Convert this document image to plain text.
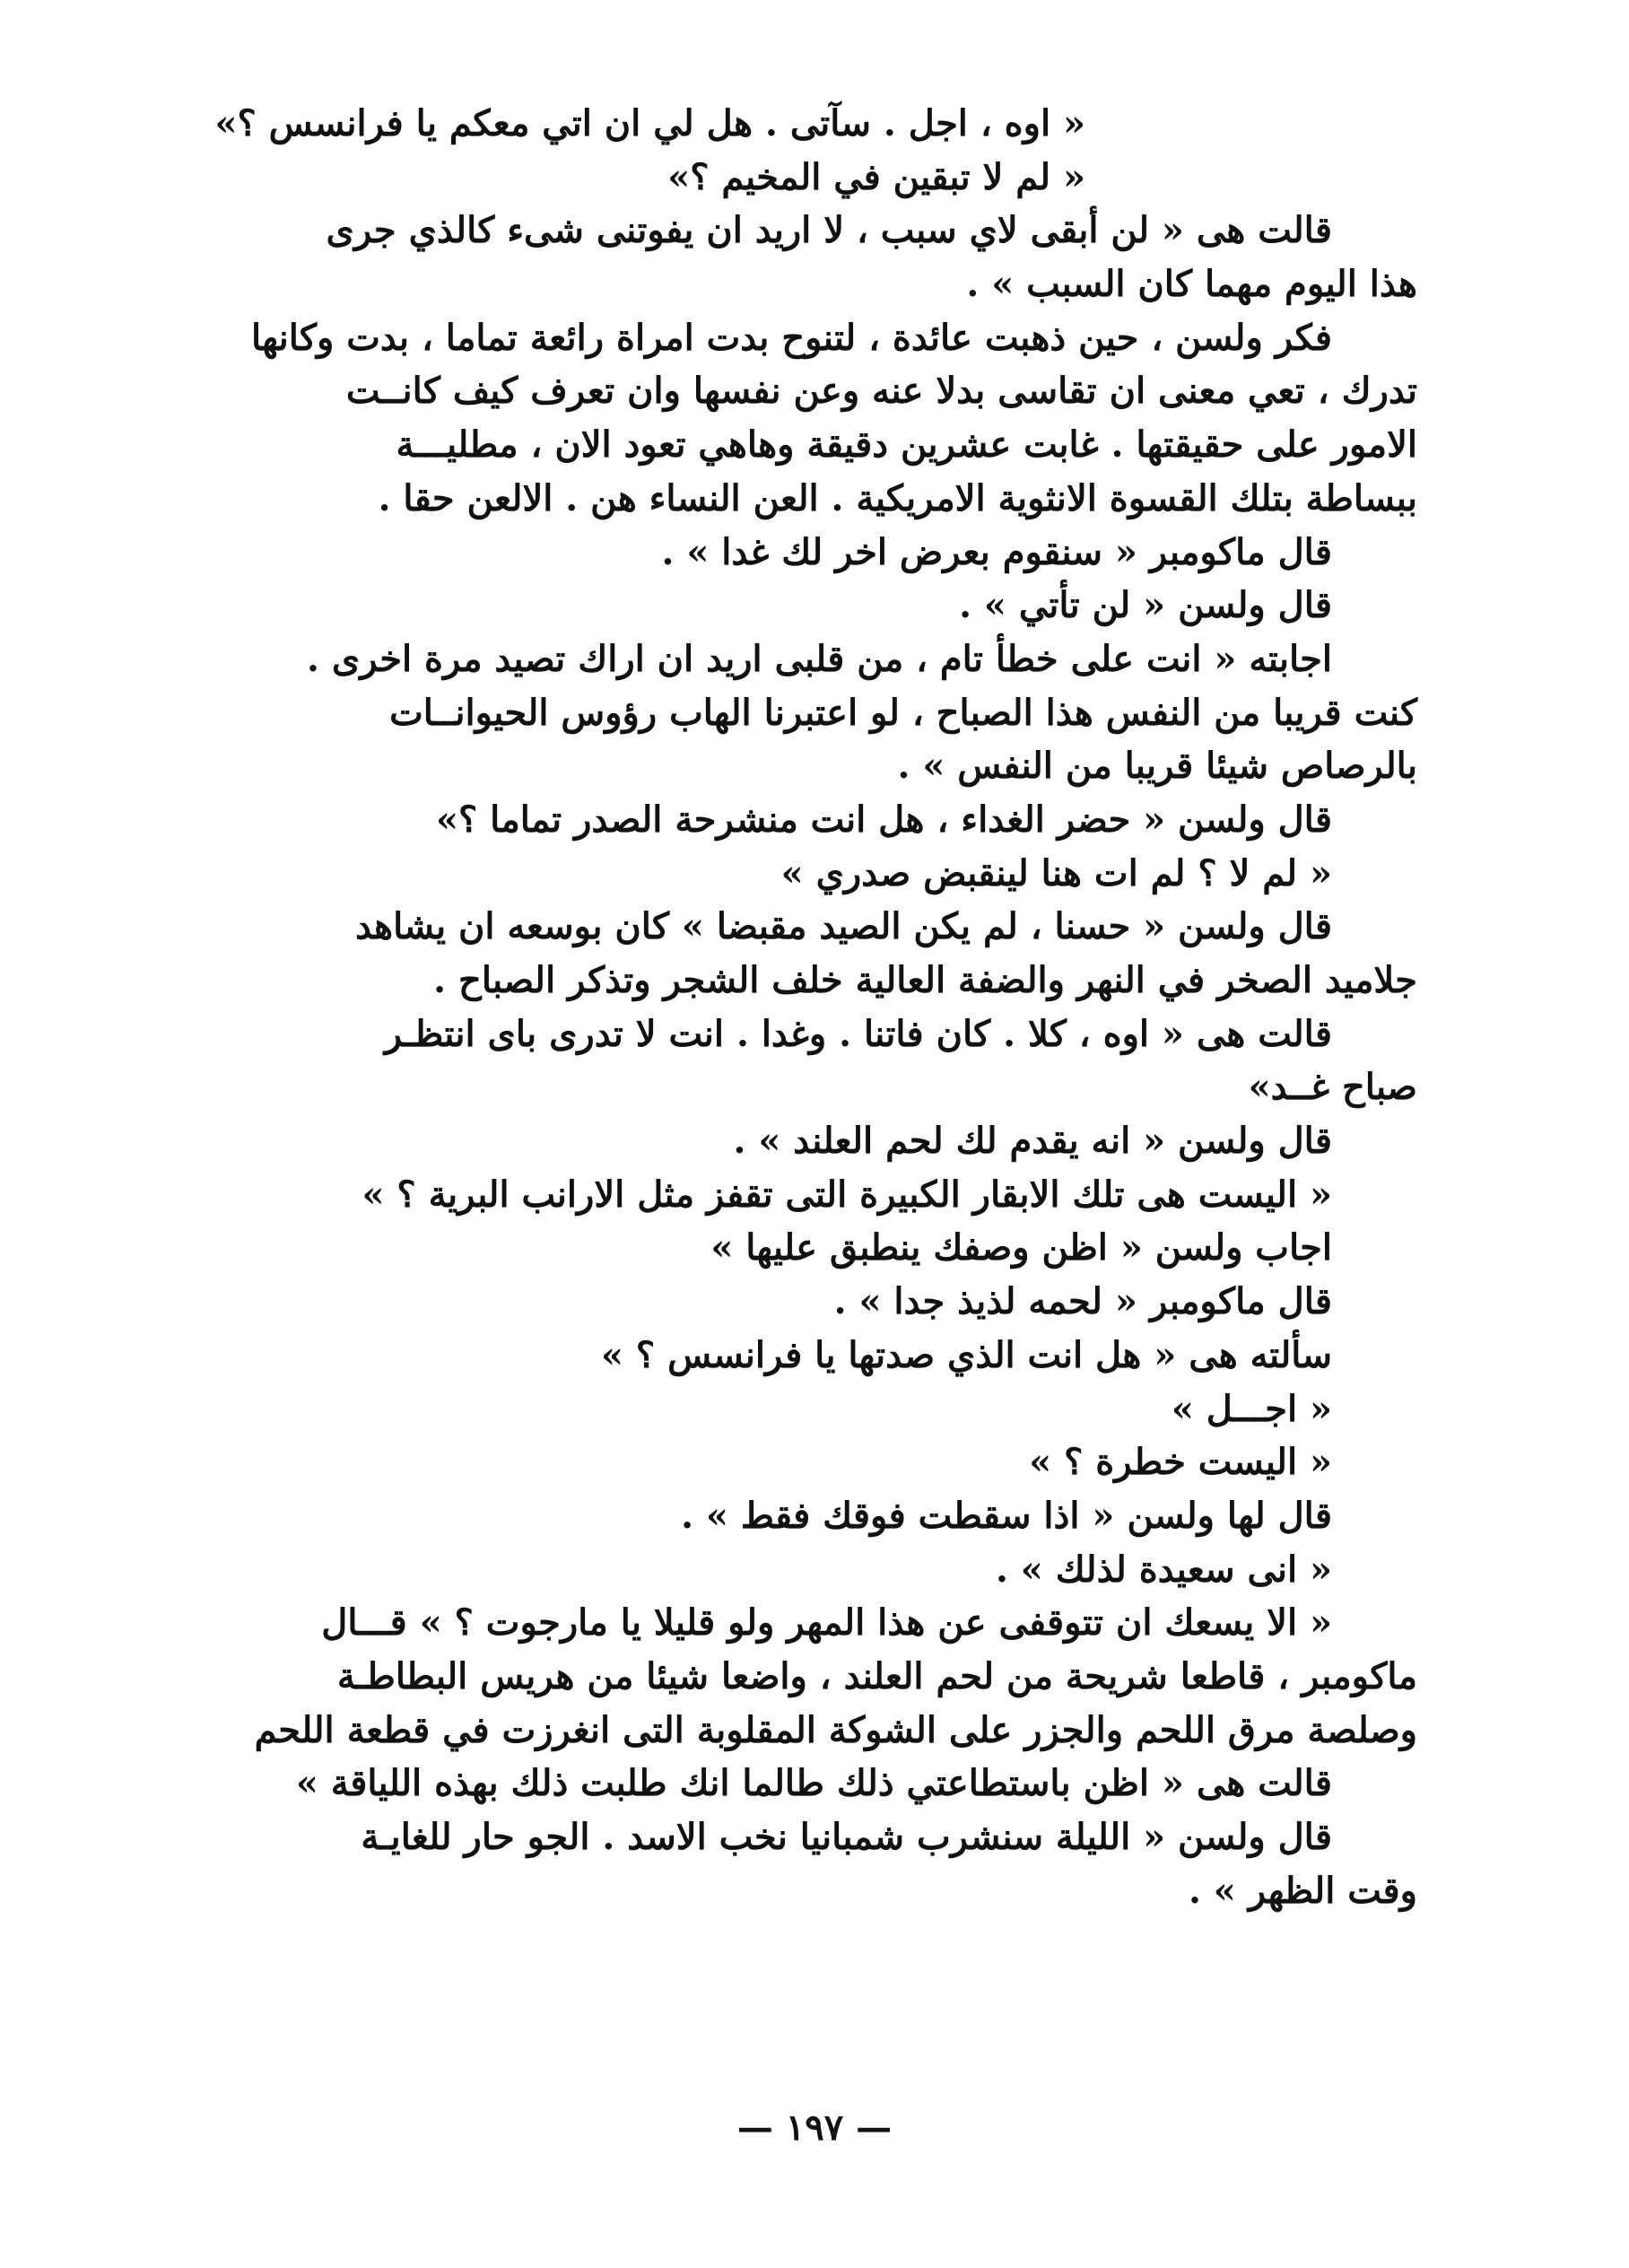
« اوه ، اجل . سآتى . هل لي ان اتي معكم يا فرانسس ؟»
« لم لا تبقين في المخيم ؟»
قالت هى « لن أبقى لاي سبب ، لا اريد ان يفوتنى شىء كالذي جرى
هذا اليوم مهما كان السبب » .
فكر ولسن ، حين ذهبت عائدة ، لتنوح بدت امراة رائعة تماما ، بدت وكانها
تدرك ، تعي معنى ان تقاسى بدلا عنه وعن نفسها وان تعرف كيف كانــت
الامور على حقيقتها . غابت عشرين دقيقة وهاهي تعود الان ، مطليـــة
ببساطة بتلك القسوة الانثوية الامريكية . العن النساء هن . الالعن حقا .
قال ماكومبر « سنقوم بعرض اخر لك غدا » .
قال ولسن « لن تأتي » .
اجابته « انت على خطأ تام ، من قلبى اريد ان اراك تصيد مرة اخرى .
كنت قريبا من النفس هذا الصباح ، لو اعتبرنا الهاب رؤوس الحيوانــات
بالرصاص شيئا قريبا من النفس » .
قال ولسن « حضر الغداء ، هل انت منشرحة الصدر تماما ؟»
« لم لا ؟ لم ات هنا لينقبض صدري »
قال ولسن « حسنا ، لم يكن الصيد مقبضا » كان بوسعه ان يشاهد
جلاميد الصخر في النهر والضفة العالية خلف الشجر وتذكر الصباح .
قالت هى « اوه ، كلا . كان فاتنا . وغدا . انت لا تدرى باى انتظـر
صباح غــد»
قال ولسن « انه يقدم لك لحم العلند » .
« اليست هى تلك الابقار الكبيرة التى تقفز مثل الارانب البرية ؟ »
اجاب ولسن « اظن وصفك ينطبق عليها »
قال ماكومبر « لحمه لذيذ جدا » .
سألته هى « هل انت الذي صدتها يا فرانسس ؟ »
« اجـــل »
« اليست خطرة ؟ »
قال لها ولسن « اذا سقطت فوقك فقط » .
« انى سعيدة لذلك » .
« الا يسعك ان تتوقفى عن هذا المهر ولو قليلا يا مارجوت ؟ » قـــال
ماكومبر ، قاطعا شريحة من لحم العلند ، واضعا شيئا من هريس البطاطـة
وصلصة مرق اللحم والجزر على الشوكة المقلوبة التى انغرزت في قطعة اللحم
قالت هى « اظن باستطاعتي ذلك طالما انك طلبت ذلك بهذه اللياقة »
قال ولسن « الليلة سنشرب شمبانيا نخب الاسد . الجو حار للغايـة
وقت الظهر » .
— ١٩٧ —
